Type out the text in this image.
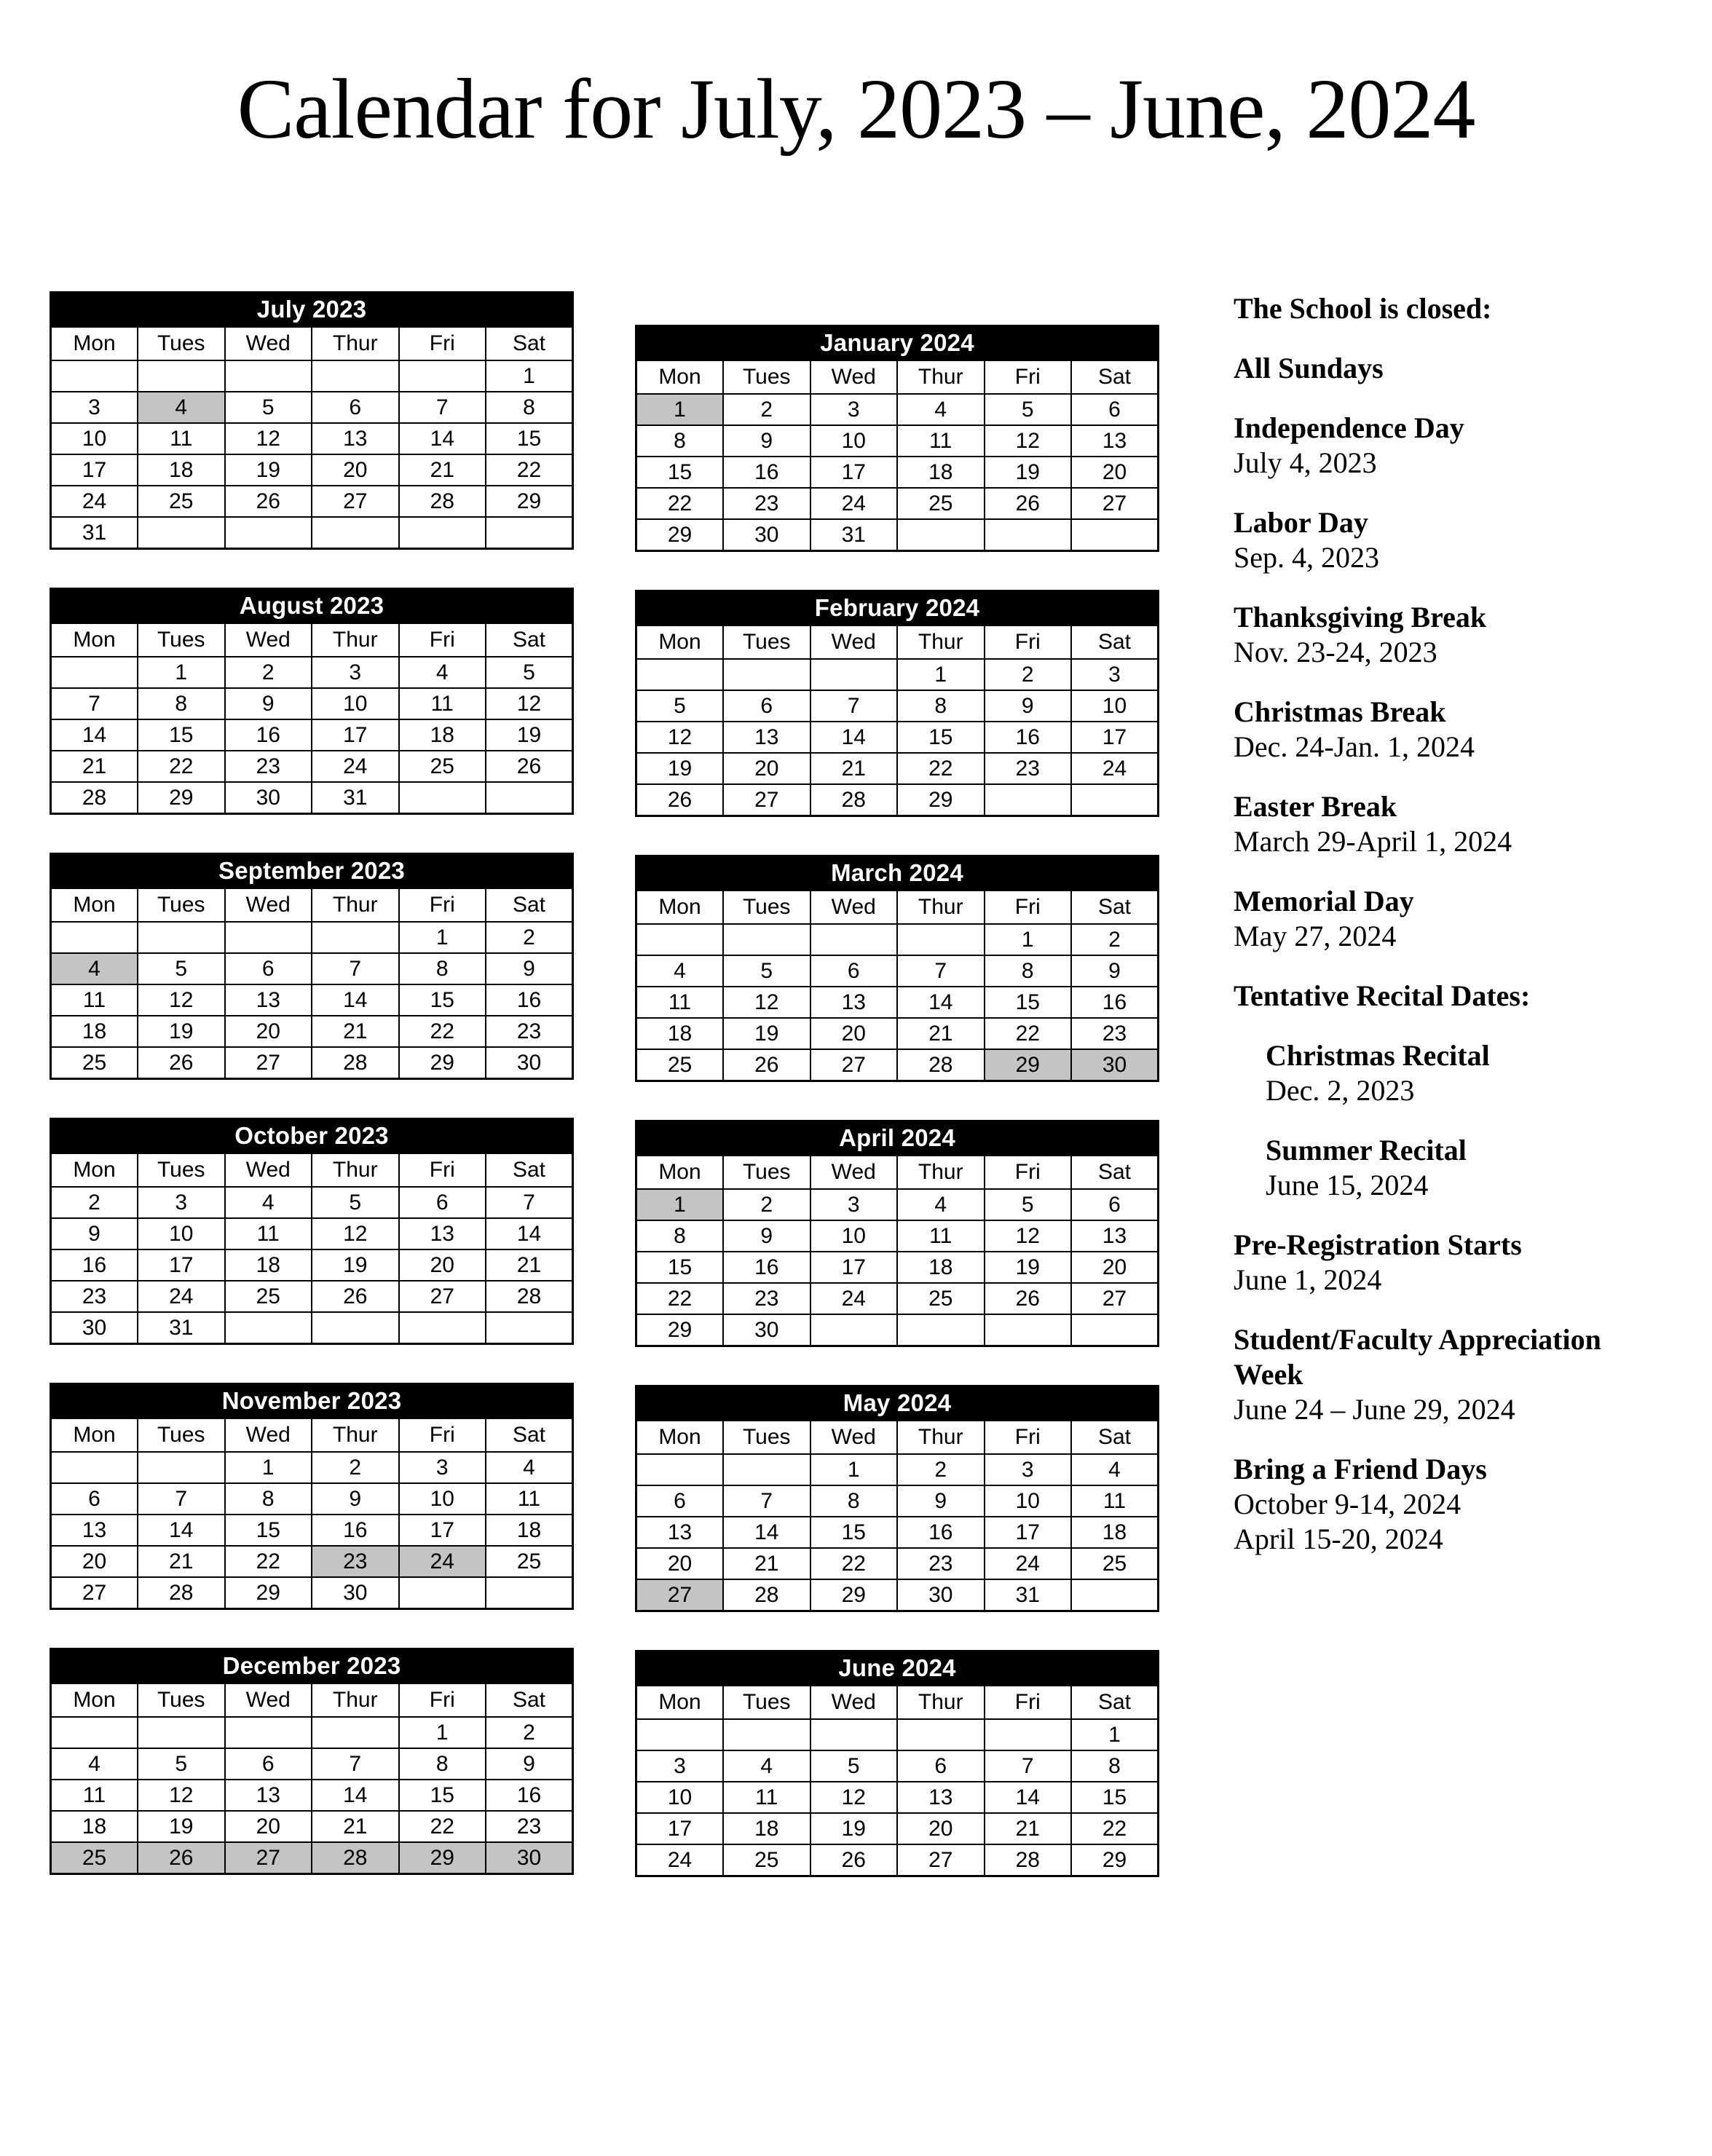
Calendar for July, 2023 – June, 2024
July 2023
Mon	Tues	Wed	Thur	Fri	Sat
					1
3	4	5	6	7	8
10	11	12	13	14	15
17	18	19	20	21	22
24	25	26	27	28	29
31					
August 2023
Mon	Tues	Wed	Thur	Fri	Sat
	1	2	3	4	5
7	8	9	10	11	12
14	15	16	17	18	19
21	22	23	24	25	26
28	29	30	31		
September 2023
Mon	Tues	Wed	Thur	Fri	Sat
				1	2
4	5	6	7	8	9
11	12	13	14	15	16
18	19	20	21	22	23
25	26	27	28	29	30
October 2023
Mon	Tues	Wed	Thur	Fri	Sat
2	3	4	5	6	7
9	10	11	12	13	14
16	17	18	19	20	21
23	24	25	26	27	28
30	31				
November 2023
Mon	Tues	Wed	Thur	Fri	Sat
		1	2	3	4
6	7	8	9	10	11
13	14	15	16	17	18
20	21	22	23	24	25
27	28	29	30		
December 2023
Mon	Tues	Wed	Thur	Fri	Sat
				1	2
4	5	6	7	8	9
11	12	13	14	15	16
18	19	20	21	22	23
25	26	27	28	29	30
January 2024
Mon	Tues	Wed	Thur	Fri	Sat
1	2	3	4	5	6
8	9	10	11	12	13
15	16	17	18	19	20
22	23	24	25	26	27
29	30	31			
February 2024
Mon	Tues	Wed	Thur	Fri	Sat
			1	2	3
5	6	7	8	9	10
12	13	14	15	16	17
19	20	21	22	23	24
26	27	28	29		
March 2024
Mon	Tues	Wed	Thur	Fri	Sat
				1	2
4	5	6	7	8	9
11	12	13	14	15	16
18	19	20	21	22	23
25	26	27	28	29	30
April 2024
Mon	Tues	Wed	Thur	Fri	Sat
1	2	3	4	5	6
8	9	10	11	12	13
15	16	17	18	19	20
22	23	24	25	26	27
29	30				
May 2024
Mon	Tues	Wed	Thur	Fri	Sat
		1	2	3	4
6	7	8	9	10	11
13	14	15	16	17	18
20	21	22	23	24	25
27	28	29	30	31	
June 2024
Mon	Tues	Wed	Thur	Fri	Sat
					1
3	4	5	6	7	8
10	11	12	13	14	15
17	18	19	20	21	22
24	25	26	27	28	29
The School is closed:
All Sundays
Independence Day
July 4, 2023
Labor Day
Sep. 4, 2023
Thanksgiving Break
Nov. 23-24, 2023
Christmas Break
Dec. 24-Jan. 1, 2024
Easter Break
March 29-April 1, 2024
Memorial Day
May 27, 2024
Tentative Recital Dates:
Christmas Recital
Dec. 2, 2023
Summer Recital
June 15, 2024
Pre-Registration Starts
June 1, 2024
Student/Faculty Appreciation Week
June 24 – June 29, 2024
Bring a Friend Days
October 9-14, 2024
April 15-20, 2024
